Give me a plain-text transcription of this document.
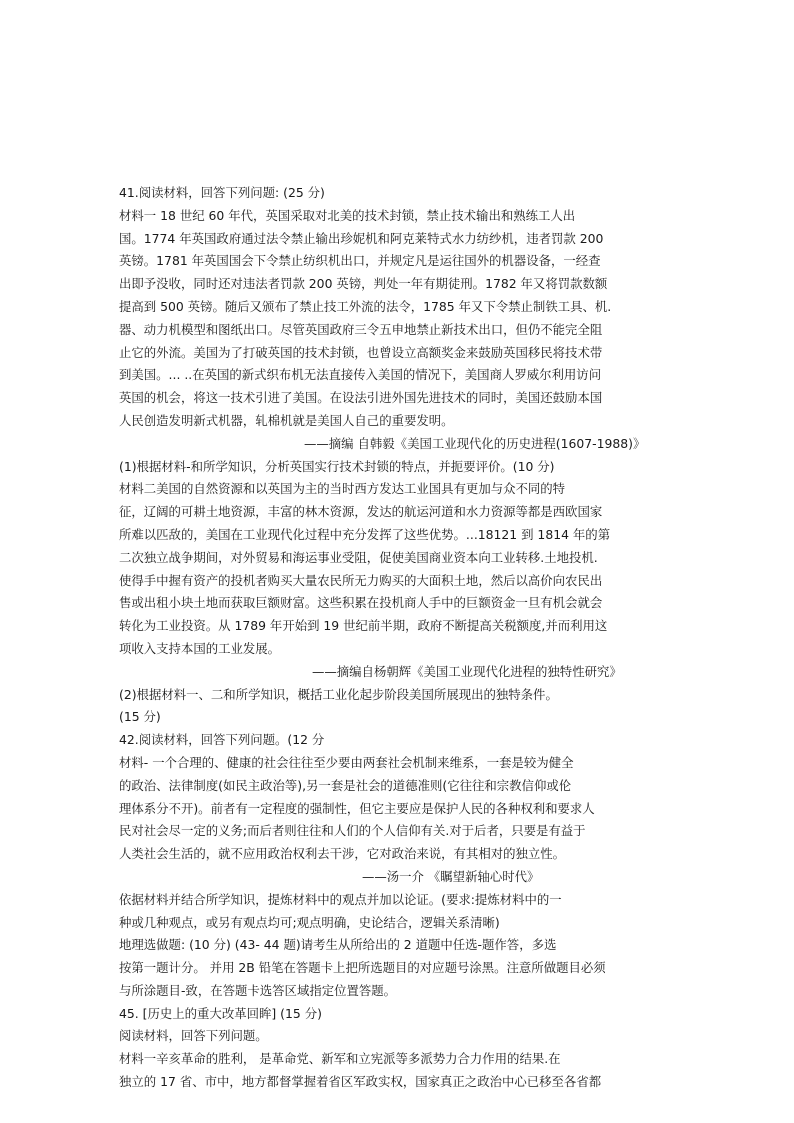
41.阅读材料，回答下列问题: (25 分)
材料一 18 世纪 60 年代，英国采取对北美的技术封锁，禁止技术输出和熟练工人出
国。1774 年英国政府通过法令禁止输出珍妮机和阿克莱特式水力纺纱机，违者罚款 200
英镑。1781 年英国国会下令禁止纺织机出口，并规定凡是运往国外的机器设备，一经查
出即予没收，同时还对违法者罚款 200 英镑，判处一年有期徒刑。1782 年又将罚款数额
提高到 500 英镑。随后又颁布了禁止技工外流的法令，1785 年又下令禁止制铁工具、机.
器、动力机模型和图纸出口。尽管英国政府三令五申地禁止新技术出口，但仍不能完全阻
止它的外流。美国为了打破英国的技术封锁，也曾设立高额奖金来鼓励英国移民将技术带
到美国。... ..在英国的新式织布机无法直接传入美国的情况下，美国商人罗威尔利用访问
英国的机会，将这一技术引进了美国。在设法引进外国先进技术的同时，美国还鼓励本国
人民创造发明新式机器，轧棉机就是美国人自己的重要发明。
——摘编 自韩毅《美国工业现代化的历史进程(1607-1988)》
(1)根据材料-和所学知识，分析英国实行技术封锁的特点，并扼要评价。(10 分)
材料二美国的自然资源和以英国为主的当时西方发达工业国具有更加与众不同的特
征，辽阔的可耕土地资源，丰富的林木资源，发达的航运河道和水力资源等都是西欧国家
所难以匹敌的，美国在工业现代化过程中充分发挥了这些优势。...18121 到 1814 年的第
二次独立战争期间，对外贸易和海运事业受阻，促使美国商业资本向工业转移.土地投机.
使得手中握有资产的投机者购买大量农民所无力购买的大面积土地，然后以高价向农民出
售或出租小块土地而获取巨额财富。这些积累在投机商人手中的巨额资金一旦有机会就会
转化为工业投资。从 1789 年开始到 19 世纪前半期，政府不断提高关税额度,并而利用这
项收入支持本国的工业发展。
——摘编自杨朝辉《美国工业现代化进程的独特性研究》
(2)根据材料一、二和所学知识，概括工业化起步阶段美国所展现出的独特条件。
(15 分)
42.阅读材料，回答下列问题。(12 分
材料- 一个合理的、健康的社会往往至少要由两套社会机制来维系，一套是较为健全
的政治、法律制度(如民主政治等),另一套是社会的道德准则(它往往和宗教信仰或伦
理体系分不开)。前者有一定程度的强制性，但它主要应是保护人民的各种权利和要求人
民对社会尽一定的义务;而后者则往往和人们的个人信仰有关.对于后者，只要是有益于
人类社会生活的，就不应用政治权利去干涉，它对政治来说，有其相对的独立性。
——汤一介 《瞩望新轴心时代》
依据材料并结合所学知识，提炼材料中的观点并加以论证。(要求:提炼材料中的一
种或几种观点，或另有观点均可;观点明确，史论结合，逻辑关系清晰)
地理选做题: (10 分) (43- 44 题)请考生从所给出的 2 道题中任选-题作答，多选
按第一题计分。 并用 2B 铅笔在答题卡上把所选题目的对应题号涂黑。注意所做题目必须
与所涂题目-致，在答题卡选答区域指定位置答题。
45. [历史上的重大改革回眸] (15 分)
阅读材料，回答下列问题。
材料一辛亥革命的胜利， 是革命党、新军和立宪派等多派势力合力作用的结果.在
独立的 17 省、市中，地方都督掌握着省区军政实权，国家真正之政治中心已移至各省都
